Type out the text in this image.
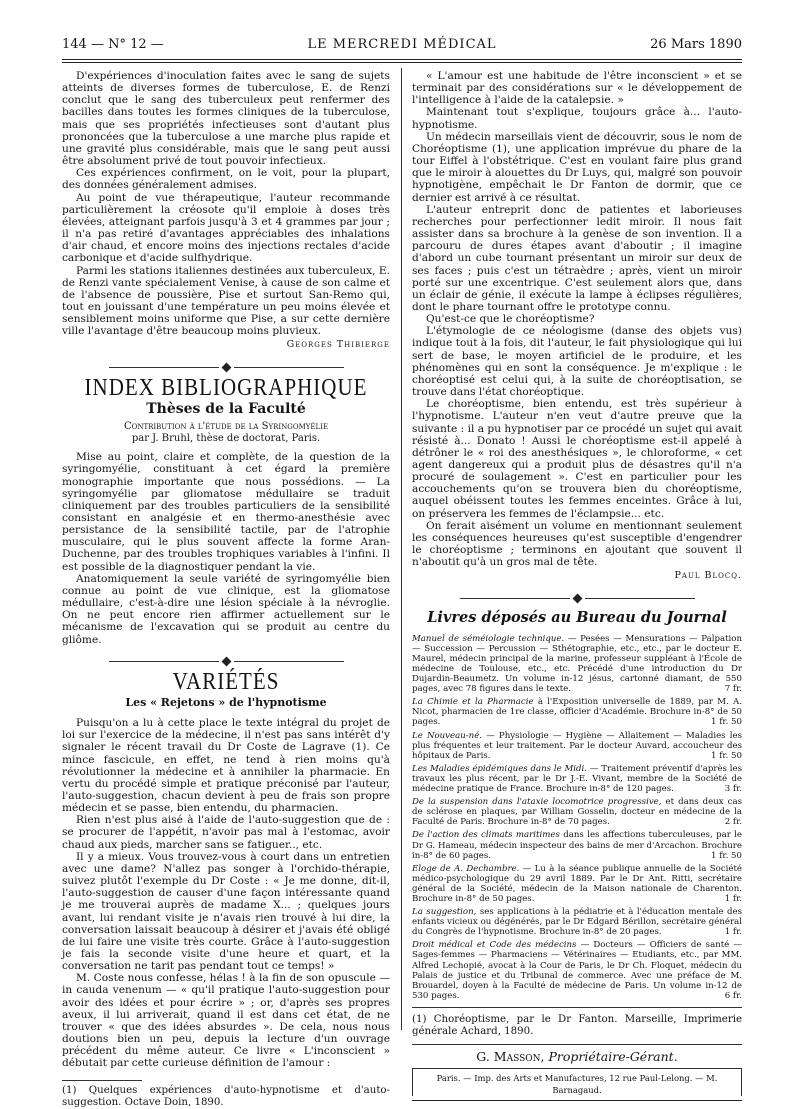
144 — N° 12 —	LE MERCREDI MÉDICAL	26 Mars 1890

D'expériences d'inoculation faites avec le sang de sujets atteints de diverses formes de tuberculose, E. de Renzi conclut que le sang des tuberculeux peut renfermer des bacilles dans toutes les formes cliniques de la tuberculose, mais que ses propriétés infectieuses sont d'autant plus prononcées que la tuberculose a une marche plus rapide et une gravité plus considérable, mais que le sang peut aussi être absolument privé de tout pouvoir infectieux.

Ces expériences confirment, on le voit, pour la plupart, des données généralement admises.

Au point de vue thérapeutique, l'auteur recommande particulièrement la créosote qu'il emploie à doses très élevées, atteignant parfois jusqu'à 3 et 4 grammes par jour ; il n'a pas retiré d'avantages appréciables des inhalations d'air chaud, et encore moins des injections rectales d'acide carbonique et d'acide sulfhydrique.

Parmi les stations italiennes destinées aux tuberculeux, E. de Renzi vante spécialement Venise, à cause de son calme et de l'absence de poussière, Pise et surtout San-Remo qui, tout en jouissant d'une température un peu moins élevée et sensiblement moins uniforme que Pise, a sur cette dernière ville l'avantage d'être beaucoup moins pluvieux.

Georges Thibierge

INDEX BIBLIOGRAPHIQUE
Thèses de la Faculté

Contribution à l'étude de la Syringomyélie

par J. Bruhl, thèse de doctorat, Paris.

Mise au point, claire et complète, de la question de la syringomyélie, constituant à cet égard la première monographie importante que nous possédions. — La syringomyélie par gliomatose médullaire se traduit cliniquement par des troubles particuliers de la sensibilité consistant en analgésie et en thermo-anesthésie avec persistance de la sensibilité tactile, par de l'atrophie musculaire, qui le plus souvent affecte la forme Aran-Duchenne, par des troubles trophiques variables à l'infini. Il est possible de la diagnostiquer pendant la vie.

Anatomiquement la seule variété de syringomyélie bien connue au point de vue clinique, est la gliomatose médullaire, c'est-à-dire une lésion spéciale à la névroglie. On ne peut encore rien affirmer actuellement sur le mécanisme de l'excavation qui se produit au centre du gliôme.

VARIÉTÉS
Les « Rejetons » de l'hypnotisme

Puisqu'on a lu à cette place le texte intégral du projet de loi sur l'exercice de la médecine, il n'est pas sans intérêt d'y signaler le récent travail du Dr Coste de Lagrave (1). Ce mince fascicule, en effet, ne tend à rien moins qu'à révolutionner la médecine et à annihiler la pharmacie. En vertu du procédé simple et pratique préconisé par l'auteur, l'auto-suggestion, chacun devient à peu de frais son propre médecin et se passe, bien entendu, du pharmacien.

Rien n'est plus aisé à l'aide de l'auto-suggestion que de : se procurer de l'appétit, n'avoir pas mal à l'estomac, avoir chaud aux pieds, marcher sans se fatiguer.., etc.

Il y a mieux. Vous trouvez-vous à court dans un entretien avec une dame? N'allez pas songer à l'orchido-thérapie, suivez plutôt l'exemple du Dr Coste : « Je me donne, dit-il, l'auto-suggestion de causer d'une façon intéressante quand je me trouverai auprès de madame X... ; quelques jours avant, lui rendant visite je n'avais rien trouvé à lui dire, la conversation laissait beaucoup à désirer et j'avais été obligé de lui faire une visite très courte. Grâce à l'auto-suggestion je fais la seconde visite d'une heure et quart, et la conversation ne tarit pas pendant tout ce temps! »

M. Coste nous confesse, hélas ! à la fin de son opuscule — in cauda venenum — « qu'il pratique l'auto-suggestion pour avoir des idées et pour écrire » ; or, d'après ses propres aveux, il lui arriverait, quand il est dans cet état, de ne trouver « que des idées absurdes ». De cela, nous nous doutions bien un peu, depuis la lecture d'un ouvrage précédent du même auteur. Ce livre « L'inconscient » débutait par cette curieuse définition de l'amour :

(1) Quelques expériences d'auto-hypnotisme et d'auto-suggestion. Octave Doin, 1890.

« L'amour est une habitude de l'être inconscient » et se terminait par des considérations sur « le développement de l'intelligence à l'aide de la catalepsie. »

Maintenant tout s'explique, toujours grâce à... l'auto-hypnotisme.

Un médecin marseillais vient de découvrir, sous le nom de Choréoptisme (1), une application imprévue du phare de la tour Eiffel à l'obstétrique. C'est en voulant faire plus grand que le miroir à alouettes du Dr Luys, qui, malgré son pouvoir hypnotigène, empêchait le Dr Fanton de dormir, que ce dernier est arrivé à ce résultat.

L'auteur entreprit donc de patientes et laborieuses recherches pour perfectionner ledit miroir. Il nous fait assister dans sa brochure à la genèse de son invention. Il a parcouru de dures étapes avant d'aboutir ; il imagine d'abord un cube tournant présentant un miroir sur deux de ses faces ; puis c'est un tétraèdre ; après, vient un miroir porté sur une excentrique. C'est seulement alors que, dans un éclair de génie, il exécute la lampe à éclipses régulières, dont le phare tournant offre le prototype connu.

Qu'est-ce que le choréoptisme?

L'étymologie de ce néologisme (danse des objets vus) indique tout à la fois, dit l'auteur, le fait physiologique qui lui sert de base, le moyen artificiel de le produire, et les phénomènes qui en sont la conséquence. Je m'explique : le choréoptisé est celui qui, à la suite de choréoptisation, se trouve dans l'état choréoptique.

Le choréoptisme, bien entendu, est très supérieur à l'hypnotisme. L'auteur n'en veut d'autre preuve que la suivante : il a pu hypnotiser par ce procédé un sujet qui avait résisté à... Donato ! Aussi le choréoptisme est-il appelé à détrôner le « roi des anesthésiques », le chloroforme, « cet agent dangereux qui a produit plus de désastres qu'il n'a procuré de soulagement ». C'est en particulier pour les accouchements qu'on se trouvera bien du choréoptisme, auquel obéissent toutes les femmes enceintes. Grâce à lui, on préservera les femmes de l'éclampsie... etc.

On ferait aisément un volume en mentionnant seulement les conséquences heureuses qu'est susceptible d'engendrer le choréoptisme ; terminons en ajoutant que souvent il n'aboutit qu'à un gros mal de tête.

Paul Blocq.

Livres déposés au Bureau du Journal

Manuel de séméiologie technique. — Pesées — Mensurations — Palpation — Succession — Percussion — Sthétographie, etc., etc., par le docteur E. Maurel, médecin principal de la marine, professeur suppléant à l'École de médecine de Toulouse, etc., etc. Précédé d'une introduction du Dr Dujardin-Beaumetz. Un volume in-12 jésus, cartonné diamant, de 550 pages, avec 78 figures dans le texte.	7 fr.

La Chimie et la Pharmacie à l'Exposition universelle de 1889, par M. A. Nicot, pharmacien de 1re classe, officier d'Académie. Brochure in-8° de 50 pages.	1 fr. 50

Le Nouveau-né. — Physiologie — Hygiène — Allaitement — Maladies les plus fréquentes et leur traitement. Par le docteur Auvard, accoucheur des hôpitaux de Paris.	1 fr. 50

Les Maladies épidémiques dans le Midi. — Traitement préventif d'après les travaux les plus récent, par le Dr J.-E. Vivant, membre de la Société de médecine pratique de France. Brochure in-8° de 120 pages.	3 fr.

De la suspension dans l'ataxie locomotrice progressive, et dans deux cas de sclérose en plaques, par William Gosselin, docteur en médecine de la Faculté de Paris. Brochure in-8° de 70 pages.	2 fr.

De l'action des climats maritimes dans les affections tuberculeuses, par le Dr G. Hameau, médecin inspecteur des bains de mer d'Arcachon. Brochure in-8° de 60 pages.	1 fr. 50

Eloge de A. Dechambre. — Lu à la séance publique annuelle de la Société médico-psychologique du 29 avril 1889. Par le Dr Ant. Ritti, secrétaire général de la Société, médecin de la Maison nationale de Charenton. Brochure in-8° de 50 pages.	1 fr.

La suggestion, ses applications à la pédiatrie et à l'éducation mentale des enfants vicieux ou dégénérés, par le Dr Edgard Bérillon, secrétaire général du Congrès de l'hypnotisme. Brochure in-8° de 20 pages.	1 fr.

Droit médical et Code des médecins — Docteurs — Officiers de santé — Sages-femmes — Pharmaciens — Vétérinaires — Etudiants, etc., par MM. Alfred Lechopié, avocat à la Cour de Paris, le Dr Ch. Floquet, médecin du Palais de justice et du Tribunal de commerce. Avec une préface de M. Brouardel, doyen à la Faculté de médecine de Paris. Un volume in-12 de 530 pages.	6 fr.

(1) Choréoptisme, par le Dr Fanton. Marseille, Imprimerie générale Achard, 1890.

G. Masson, Propriétaire-Gérant.
Paris. — Imp. des Arts et Manufactures, 12 rue Paul-Lelong. — M. Barnagaud.
